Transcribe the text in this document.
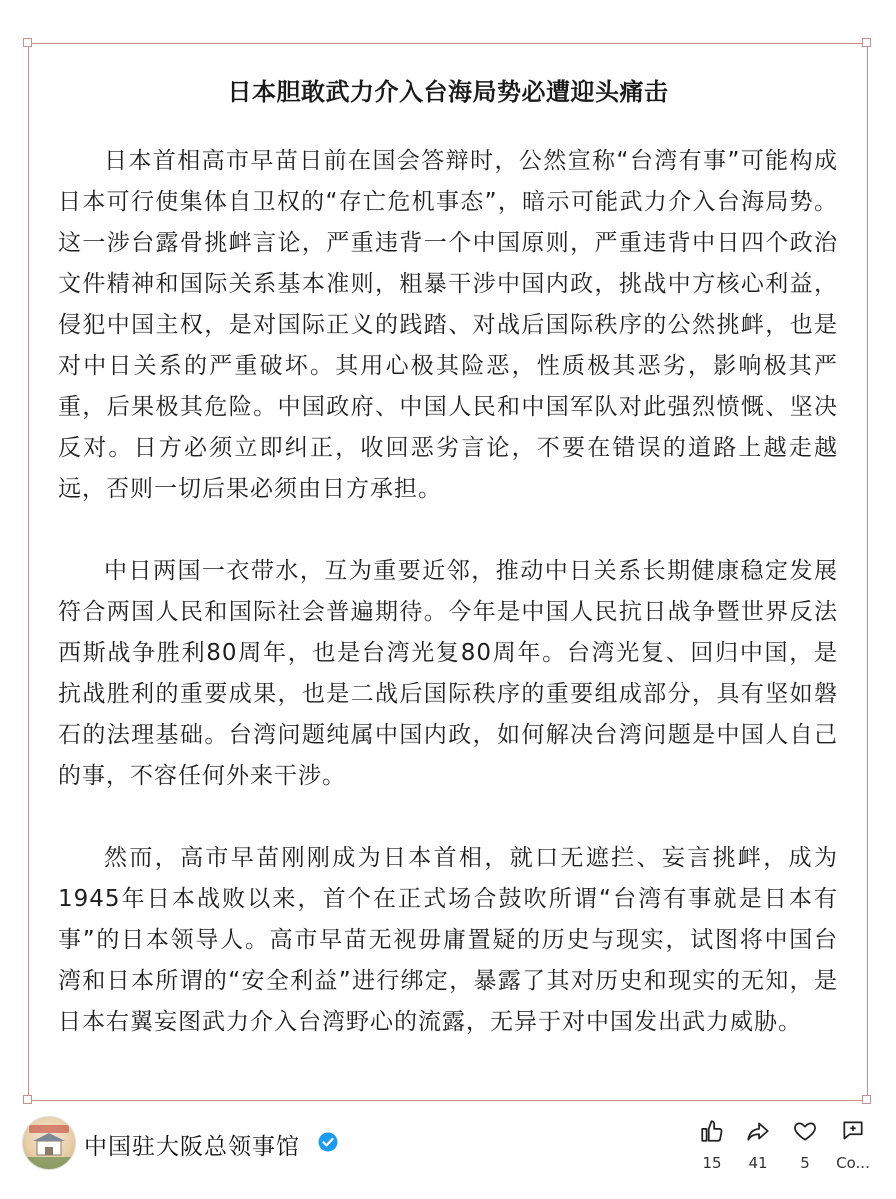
日本胆敢武力介入台海局势必遭迎头痛击

日本首相高市早苗日前在国会答辩时，公然宣称“台湾有事”可能构成日本可行使集体自卫权的“存亡危机事态”，暗示可能武力介入台海局势。这一涉台露骨挑衅言论，严重违背一个中国原则，严重违背中日四个政治文件精神和国际关系基本准则，粗暴干涉中国内政，挑战中方核心利益，侵犯中国主权，是对国际正义的践踏、对战后国际秩序的公然挑衅，也是对中日关系的严重破坏。其用心极其险恶，性质极其恶劣，影响极其严重，后果极其危险。中国政府、中国人民和中国军队对此强烈愤慨、坚决反对。日方必须立即纠正，收回恶劣言论，不要在错误的道路上越走越远，否则一切后果必须由日方承担。

中日两国一衣带水，互为重要近邻，推动中日关系长期健康稳定发展符合两国人民和国际社会普遍期待。今年是中国人民抗日战争暨世界反法西斯战争胜利80周年，也是台湾光复80周年。台湾光复、回归中国，是抗战胜利的重要成果，也是二战后国际秩序的重要组成部分，具有坚如磐石的法理基础。台湾问题纯属中国内政，如何解决台湾问题是中国人自己的事，不容任何外来干涉。

然而，高市早苗刚刚成为日本首相，就口无遮拦、妄言挑衅，成为1945年日本战败以来，首个在正式场合鼓吹所谓“台湾有事就是日本有事”的日本领导人。高市早苗无视毋庸置疑的历史与现实，试图将中国台湾和日本所谓的“安全利益”进行绑定，暴露了其对历史和现实的无知，是日本右翼妄图武力介入台湾野心的流露，无异于对中国发出武力威胁。

中国驻大阪总领事馆
15	41	5	Co...
